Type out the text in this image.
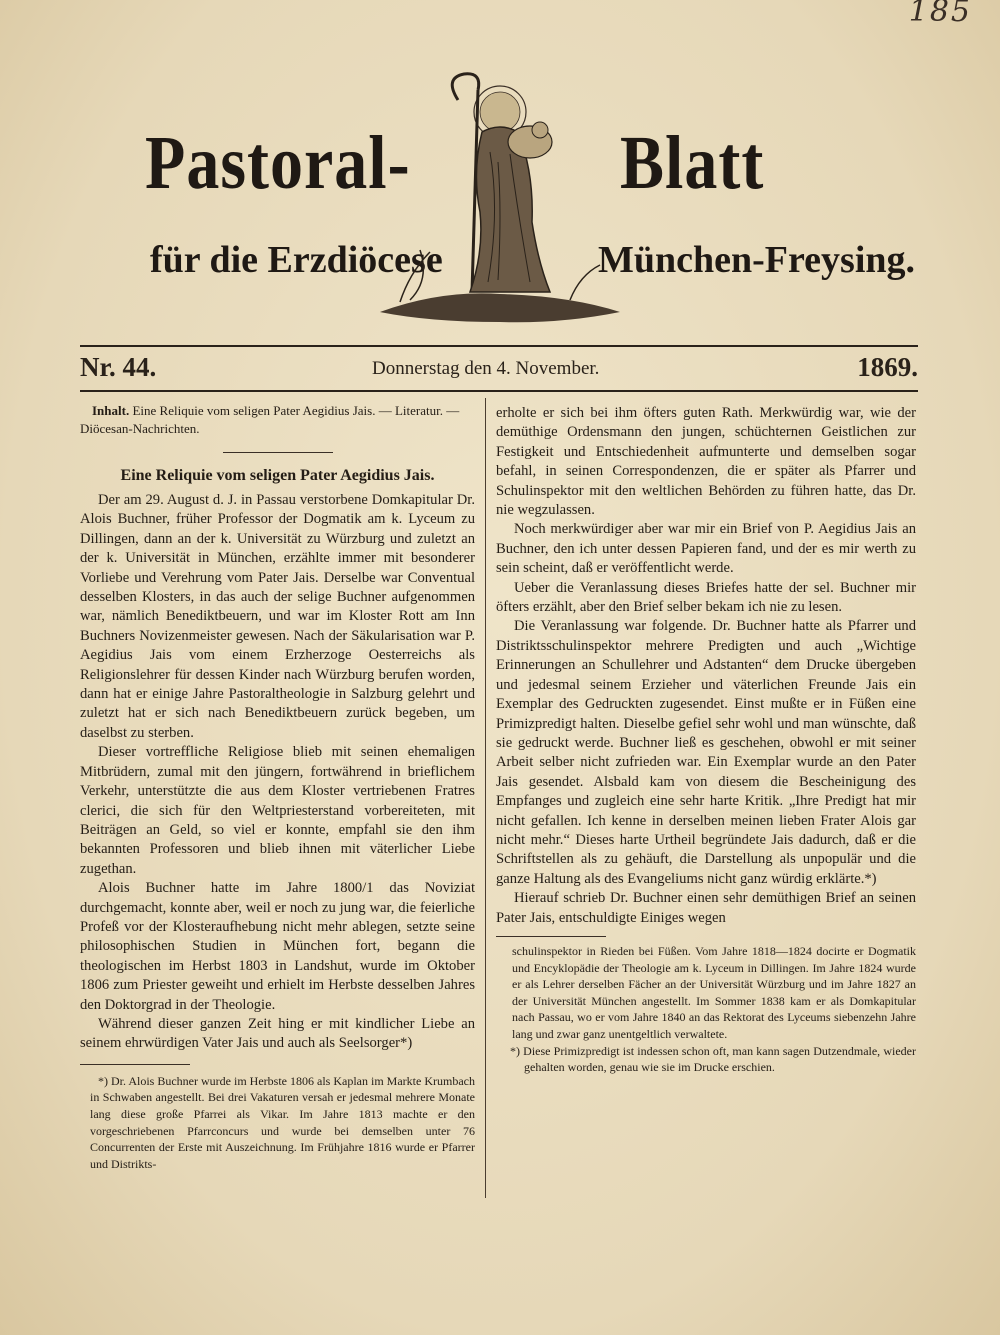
185
Pastoral-	Blatt
für die Erzdiöcese	München-Freysing.
Nr. 44.	Donnerstag den 4. November.	1869.

Inhalt. Eine Reliquie vom seligen Pater Aegidius Jais. — Literatur. — Diöcesan-Nachrichten.

Eine Reliquie vom seligen Pater Aegidius Jais.

Der am 29. August d. J. in Passau verstorbene Domkapitular Dr. Alois Buchner, früher Professor der Dogmatik am k. Lyceum zu Dillingen, dann an der k. Universität zu Würzburg und zuletzt an der k. Universität in München, erzählte immer mit besonderer Vorliebe und Verehrung vom Pater Jais. Derselbe war Conventual desselben Klosters, in das auch der selige Buchner aufgenommen war, nämlich Benediktbeuern, und war im Kloster Rott am Inn Buchners Novizenmeister gewesen. Nach der Säkularisation war P. Aegidius Jais vom einem Erzherzoge Oesterreichs als Religionslehrer für dessen Kinder nach Würzburg berufen worden, dann hat er einige Jahre Pastoraltheologie in Salzburg gelehrt und zuletzt hat er sich nach Benediktbeuern zurück begeben, um daselbst zu sterben.

Dieser vortreffliche Religiose blieb mit seinen ehemaligen Mitbrüdern, zumal mit den jüngern, fortwährend in brieflichem Verkehr, unterstützte die aus dem Kloster vertriebenen Fratres clerici, die sich für den Weltpriesterstand vorbereiteten, mit Beiträgen an Geld, so viel er konnte, empfahl sie den ihm bekannten Professoren und blieb ihnen mit väterlicher Liebe zugethan.

Alois Buchner hatte im Jahre 1800/1 das Noviziat durchgemacht, konnte aber, weil er noch zu jung war, die feierliche Profeß vor der Klosteraufhebung nicht mehr ablegen, setzte seine philosophischen Studien in München fort, begann die theologischen im Herbst 1803 in Landshut, wurde im Oktober 1806 zum Priester geweiht und erhielt im Herbste desselben Jahres den Doktorgrad in der Theologie.

Während dieser ganzen Zeit hing er mit kindlicher Liebe an seinem ehrwürdigen Vater Jais und auch als Seelsorger*)

*) Dr. Alois Buchner wurde im Herbste 1806 als Kaplan im Markte Krumbach in Schwaben angestellt. Bei drei Vakaturen versah er jedesmal mehrere Monate lang diese große Pfarrei als Vikar. Im Jahre 1813 machte er den vorgeschriebenen Pfarrconcurs und wurde bei demselben unter 76 Concurrenten der Erste mit Auszeichnung. Im Frühjahre 1816 wurde er Pfarrer und Distrikts-

erholte er sich bei ihm öfters guten Rath. Merkwürdig war, wie der demüthige Ordensmann den jungen, schüchternen Geistlichen zur Festigkeit und Entschiedenheit aufmunterte und demselben sogar befahl, in seinen Correspondenzen, die er später als Pfarrer und Schulinspektor mit den weltlichen Behörden zu führen hatte, das Dr. nie wegzulassen.

Noch merkwürdiger aber war mir ein Brief von P. Aegidius Jais an Buchner, den ich unter dessen Papieren fand, und der es mir werth zu sein scheint, daß er veröffentlicht werde.

Ueber die Veranlassung dieses Briefes hatte der sel. Buchner mir öfters erzählt, aber den Brief selber bekam ich nie zu lesen.

Die Veranlassung war folgende. Dr. Buchner hatte als Pfarrer und Distriktsschulinspektor mehrere Predigten und auch „Wichtige Erinnerungen an Schullehrer und Adstanten“ dem Drucke übergeben und jedesmal seinem Erzieher und väterlichen Freunde Jais ein Exemplar des Gedruckten zugesendet. Einst mußte er in Füßen eine Primizpredigt halten. Dieselbe gefiel sehr wohl und man wünschte, daß sie gedruckt werde. Buchner ließ es geschehen, obwohl er mit seiner Arbeit selber nicht zufrieden war. Ein Exemplar wurde an den Pater Jais gesendet. Alsbald kam von diesem die Bescheinigung des Empfanges und zugleich eine sehr harte Kritik. „Ihre Predigt hat mir nicht gefallen. Ich kenne in derselben meinen lieben Frater Alois gar nicht mehr.“ Dieses harte Urtheil begründete Jais dadurch, daß er die Schriftstellen als zu gehäuft, die Darstellung als unpopulär und die ganze Haltung als des Evangeliums nicht ganz würdig erklärte.*)

Hierauf schrieb Dr. Buchner einen sehr demüthigen Brief an seinen Pater Jais, entschuldigte Einiges wegen

schulinspektor in Rieden bei Füßen. Vom Jahre 1818—1824 docirte er Dogmatik und Encyklopädie der Theologie am k. Lyceum in Dillingen. Im Jahre 1824 wurde er als Lehrer derselben Fächer an der Universität Würzburg und im Jahre 1827 an der Universität München angestellt. Im Sommer 1838 kam er als Domkapitular nach Passau, wo er vom Jahre 1840 an das Rektorat des Lyceums siebenzehn Jahre lang und zwar ganz unentgeltlich verwaltete.

*) Diese Primizpredigt ist indessen schon oft, man kann sagen Dutzendmale, wieder gehalten worden, genau wie sie im Drucke erschien.
